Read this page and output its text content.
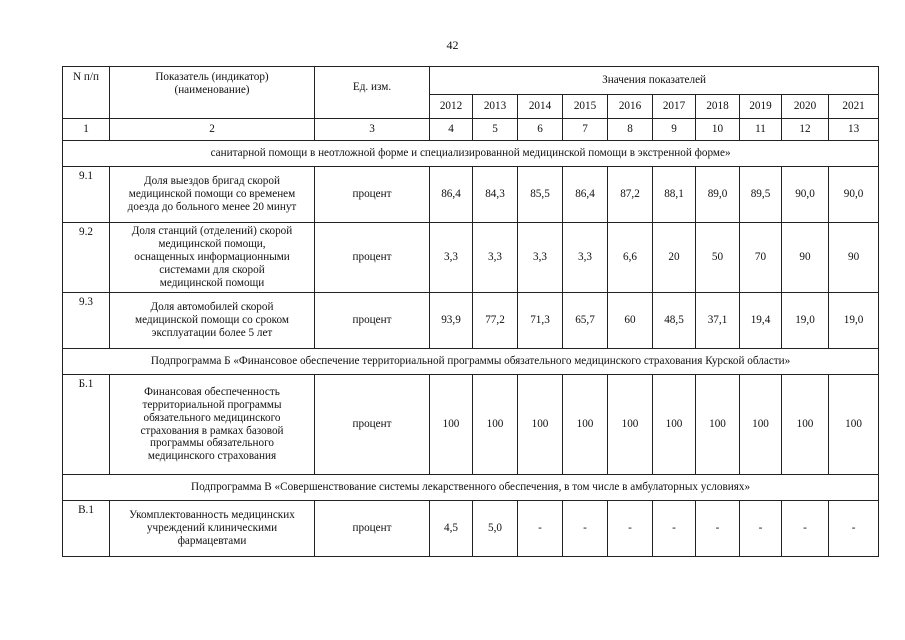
42
N п/п	Показатель (индикатор) (наименование)	Ед. изм.	Значения показателей									
			2012	2013	2014	2015	2016	2017	2018	2019	2020	2021
1	2	3	4	5	6	7	8	9	10	11	12	13
санитарной помощи в неотложной форме и специализированной медицинской помощи в экстренной форме»												
9.1	Доля выездов бригад скорой медицинской помощи со временем доезда до больного менее 20 минут	процент	86,4	84,3	85,5	86,4	87,2	88,1	89,0	89,5	90,0	90,0
9.2	Доля станций (отделений) скорой медицинской помощи, оснащенных информационными системами для скорой медицинской помощи	процент	3,3	3,3	3,3	3,3	6,6	20	50	70	90	90
9.3	Доля автомобилей скорой медицинской помощи со сроком эксплуатации более 5 лет	процент	93,9	77,2	71,3	65,7	60	48,5	37,1	19,4	19,0	19,0
Подпрограмма Б «Финансовое обеспечение территориальной программы обязательного медицинского страхования Курской области»												
Б.1	Финансовая обеспеченность территориальной программы обязательного медицинского страхования в рамках базовой программы обязательного медицинского страхования	процент	100	100	100	100	100	100	100	100	100	100
Подпрограмма В «Совершенствование системы лекарственного обеспечения, в том числе в амбулаторных условиях»												
В.1	Укомплектованность медицинских учреждений клиническими фармацевтами	процент	4,5	5,0	-	-	-	-	-	-	-	-
